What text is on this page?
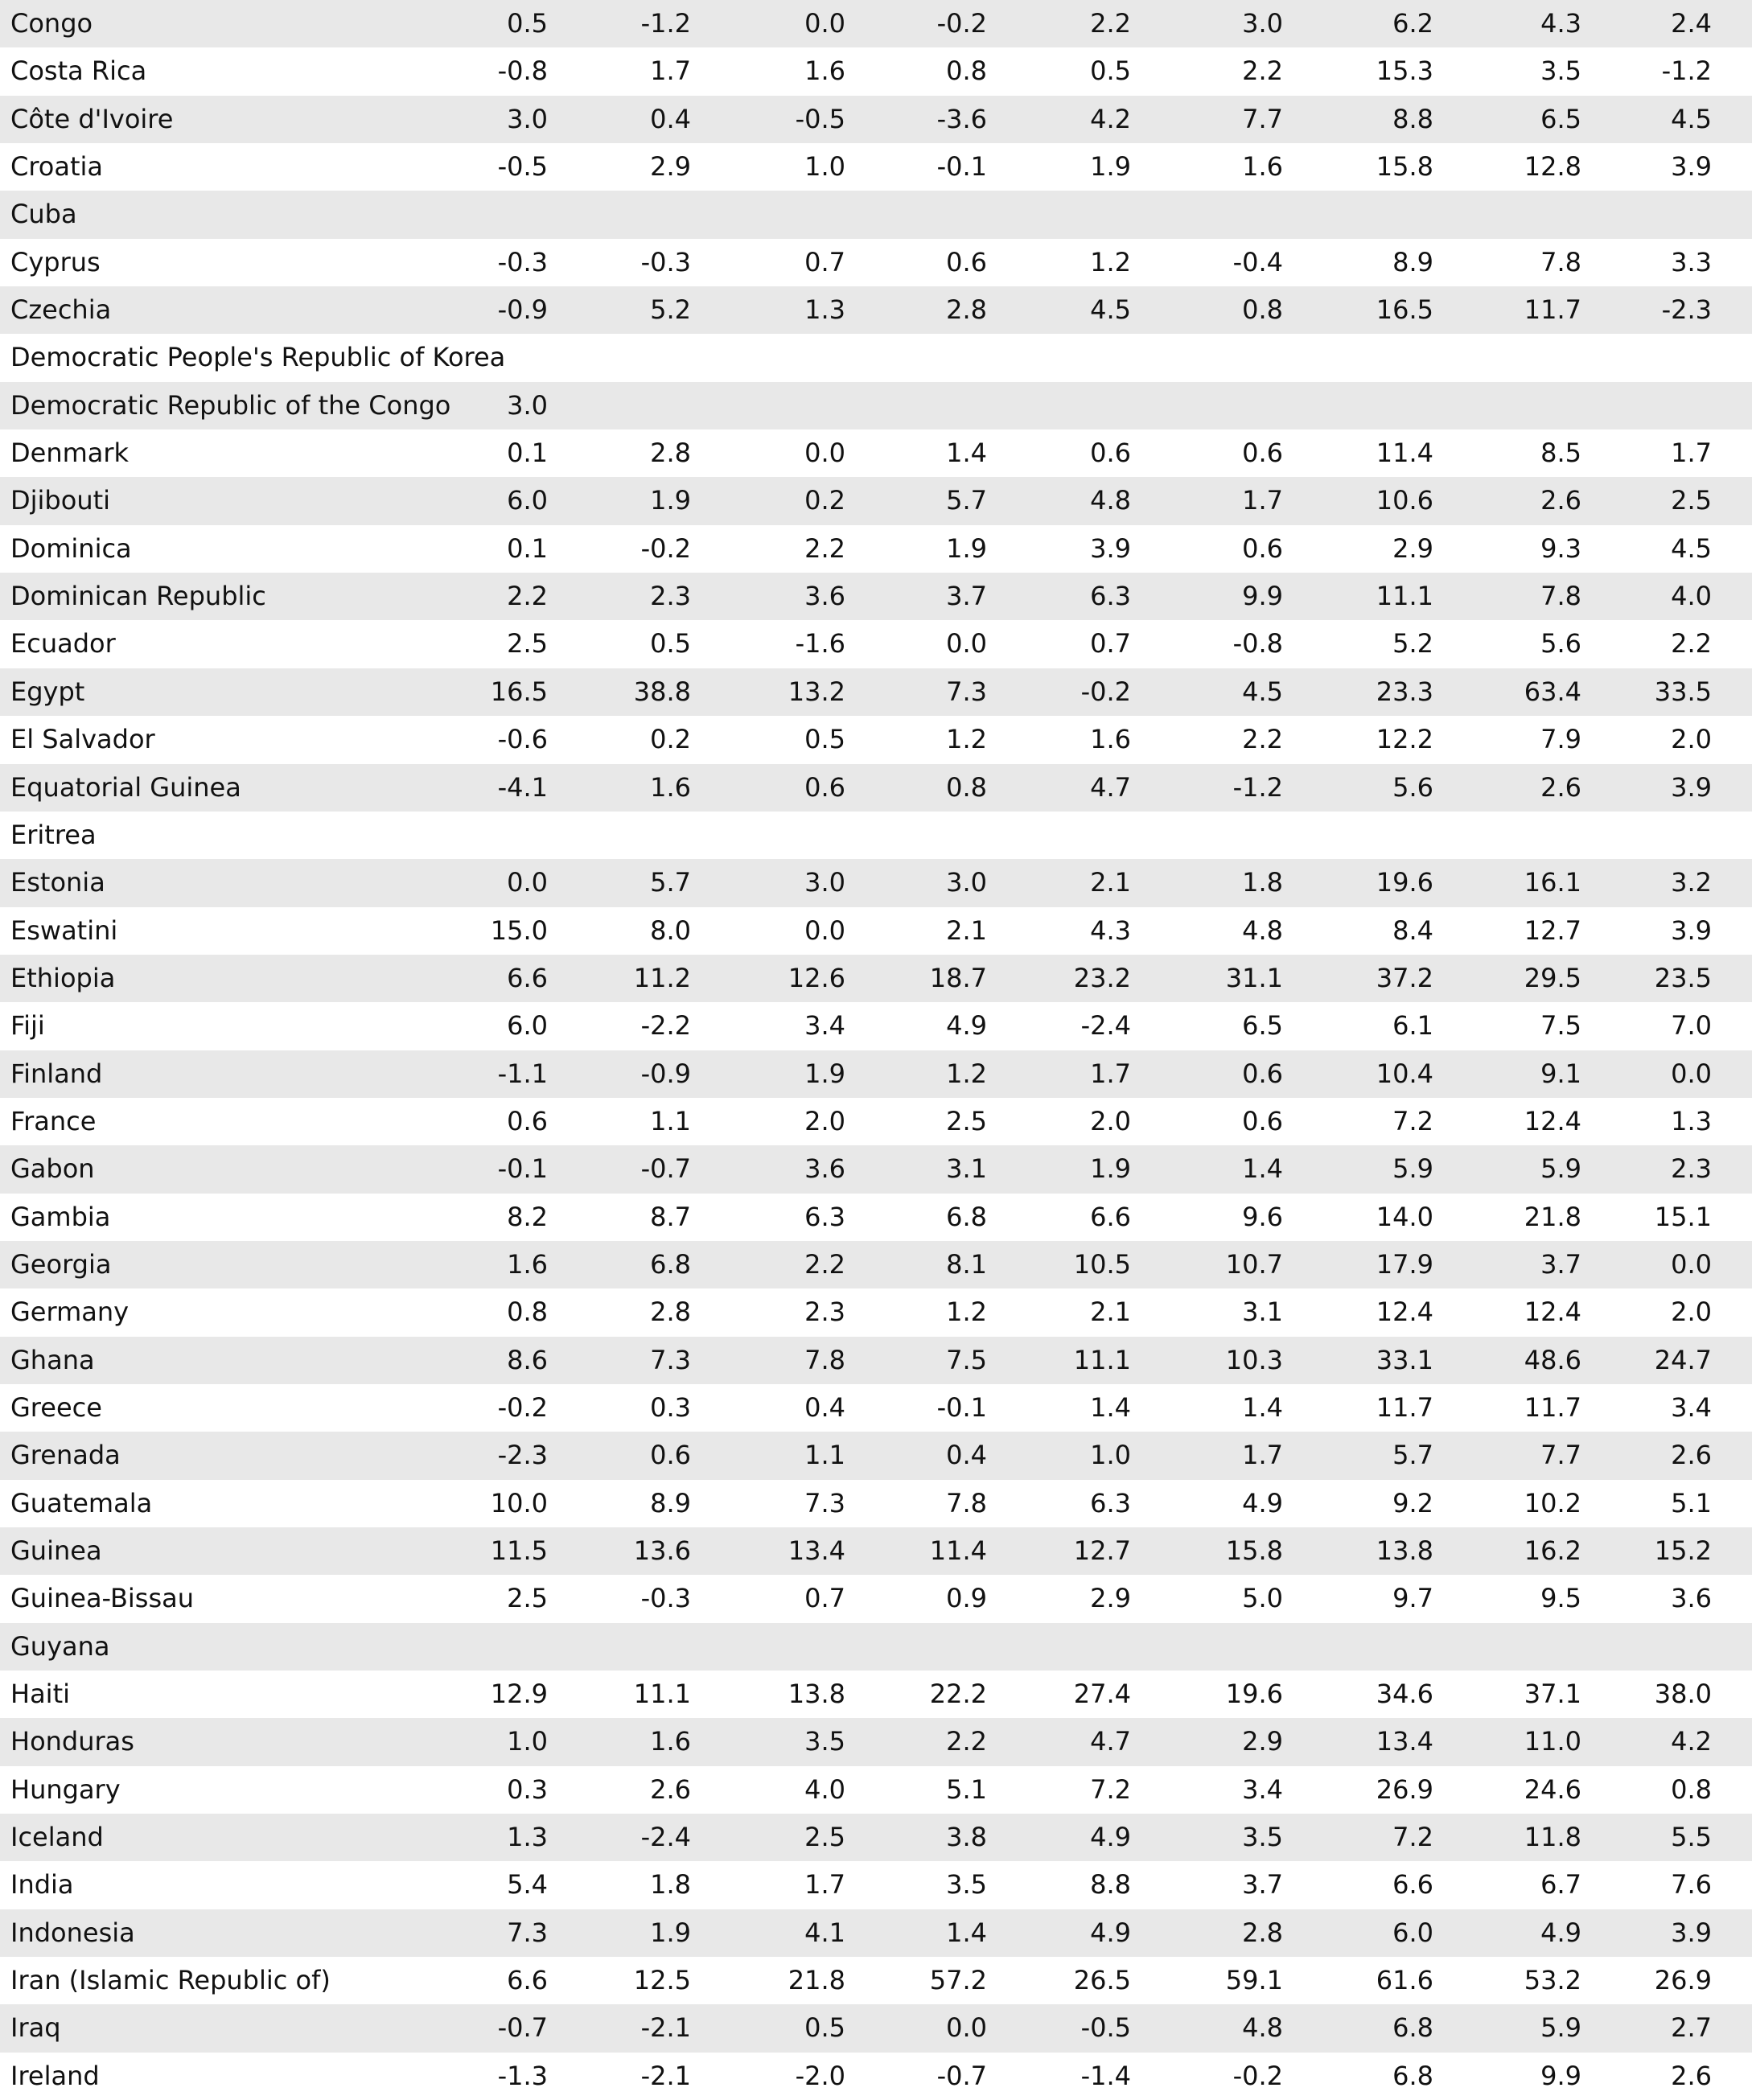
Congo	0.5	-1.2	0.0	-0.2	2.2	3.0	6.2	4.3	2.4
Costa Rica	-0.8	1.7	1.6	0.8	0.5	2.2	15.3	3.5	-1.2
Côte d'Ivoire	3.0	0.4	-0.5	-3.6	4.2	7.7	8.8	6.5	4.5
Croatia	-0.5	2.9	1.0	-0.1	1.9	1.6	15.8	12.8	3.9
Cuba
Cyprus	-0.3	-0.3	0.7	0.6	1.2	-0.4	8.9	7.8	3.3
Czechia	-0.9	5.2	1.3	2.8	4.5	0.8	16.5	11.7	-2.3
Democratic People's Republic of Korea
Democratic Republic of the Congo	3.0
Denmark	0.1	2.8	0.0	1.4	0.6	0.6	11.4	8.5	1.7
Djibouti	6.0	1.9	0.2	5.7	4.8	1.7	10.6	2.6	2.5
Dominica	0.1	-0.2	2.2	1.9	3.9	0.6	2.9	9.3	4.5
Dominican Republic	2.2	2.3	3.6	3.7	6.3	9.9	11.1	7.8	4.0
Ecuador	2.5	0.5	-1.6	0.0	0.7	-0.8	5.2	5.6	2.2
Egypt	16.5	38.8	13.2	7.3	-0.2	4.5	23.3	63.4	33.5
El Salvador	-0.6	0.2	0.5	1.2	1.6	2.2	12.2	7.9	2.0
Equatorial Guinea	-4.1	1.6	0.6	0.8	4.7	-1.2	5.6	2.6	3.9
Eritrea
Estonia	0.0	5.7	3.0	3.0	2.1	1.8	19.6	16.1	3.2
Eswatini	15.0	8.0	0.0	2.1	4.3	4.8	8.4	12.7	3.9
Ethiopia	6.6	11.2	12.6	18.7	23.2	31.1	37.2	29.5	23.5
Fiji	6.0	-2.2	3.4	4.9	-2.4	6.5	6.1	7.5	7.0
Finland	-1.1	-0.9	1.9	1.2	1.7	0.6	10.4	9.1	0.0
France	0.6	1.1	2.0	2.5	2.0	0.6	7.2	12.4	1.3
Gabon	-0.1	-0.7	3.6	3.1	1.9	1.4	5.9	5.9	2.3
Gambia	8.2	8.7	6.3	6.8	6.6	9.6	14.0	21.8	15.1
Georgia	1.6	6.8	2.2	8.1	10.5	10.7	17.9	3.7	0.0
Germany	0.8	2.8	2.3	1.2	2.1	3.1	12.4	12.4	2.0
Ghana	8.6	7.3	7.8	7.5	11.1	10.3	33.1	48.6	24.7
Greece	-0.2	0.3	0.4	-0.1	1.4	1.4	11.7	11.7	3.4
Grenada	-2.3	0.6	1.1	0.4	1.0	1.7	5.7	7.7	2.6
Guatemala	10.0	8.9	7.3	7.8	6.3	4.9	9.2	10.2	5.1
Guinea	11.5	13.6	13.4	11.4	12.7	15.8	13.8	16.2	15.2
Guinea-Bissau	2.5	-0.3	0.7	0.9	2.9	5.0	9.7	9.5	3.6
Guyana
Haiti	12.9	11.1	13.8	22.2	27.4	19.6	34.6	37.1	38.0
Honduras	1.0	1.6	3.5	2.2	4.7	2.9	13.4	11.0	4.2
Hungary	0.3	2.6	4.0	5.1	7.2	3.4	26.9	24.6	0.8
Iceland	1.3	-2.4	2.5	3.8	4.9	3.5	7.2	11.8	5.5
India	5.4	1.8	1.7	3.5	8.8	3.7	6.6	6.7	7.6
Indonesia	7.3	1.9	4.1	1.4	4.9	2.8	6.0	4.9	3.9
Iran (Islamic Republic of)	6.6	12.5	21.8	57.2	26.5	59.1	61.6	53.2	26.9
Iraq	-0.7	-2.1	0.5	0.0	-0.5	4.8	6.8	5.9	2.7
Ireland	-1.3	-2.1	-2.0	-0.7	-1.4	-0.2	6.8	9.9	2.6
